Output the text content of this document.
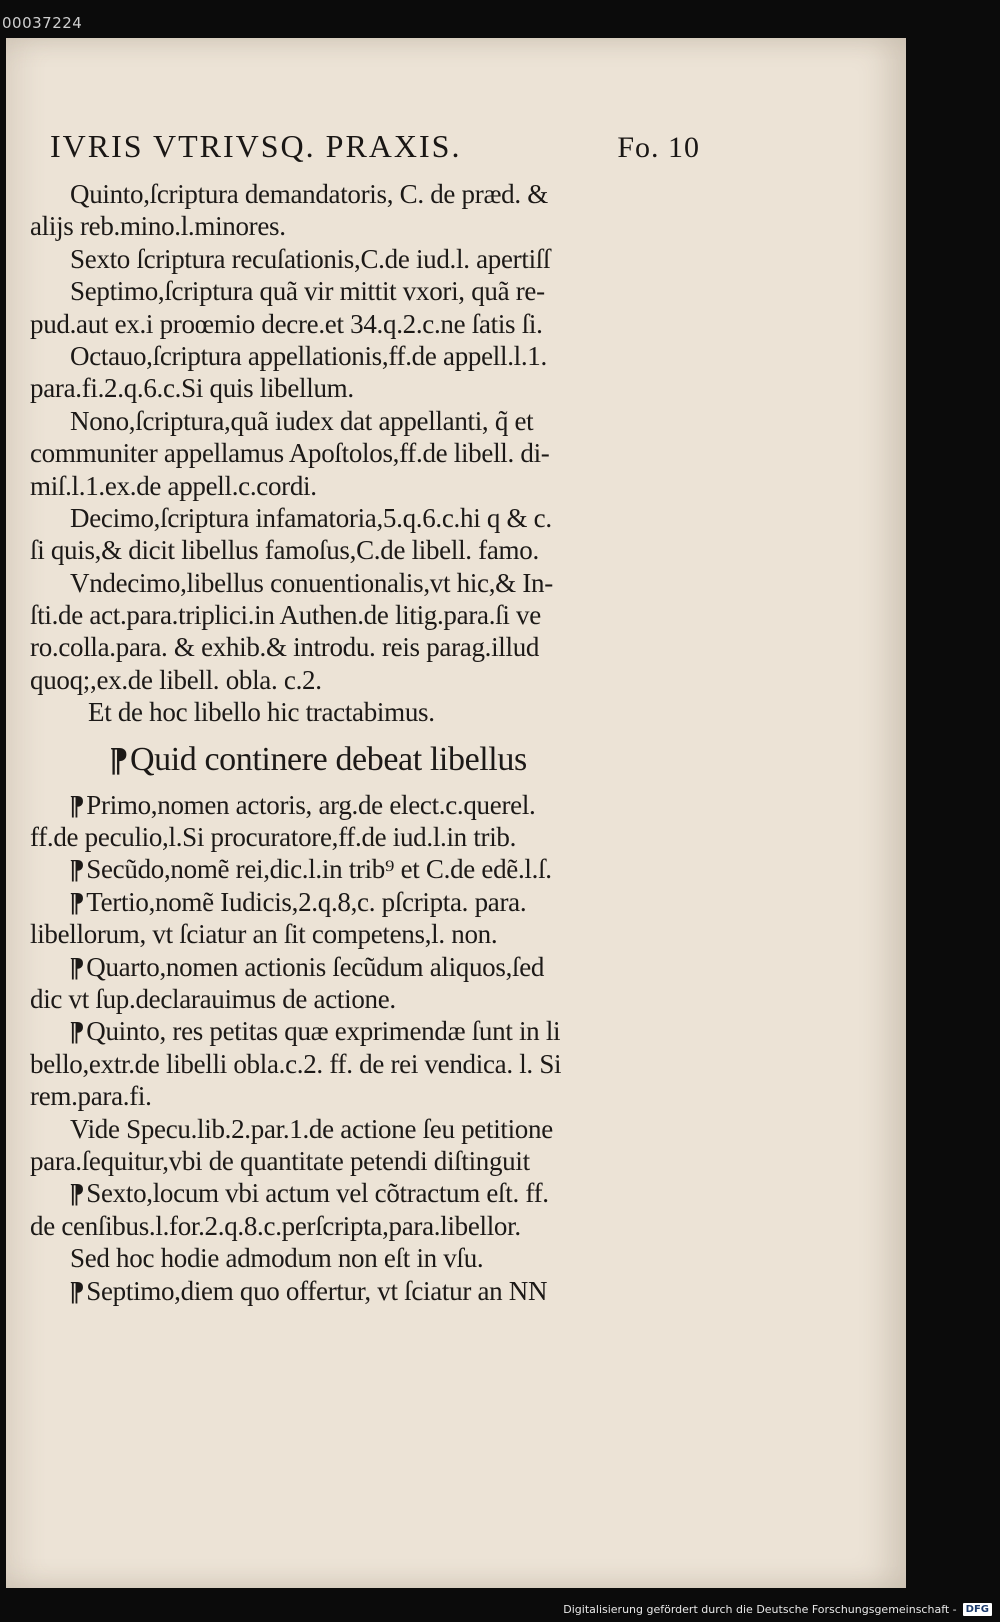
00037224
IVRIS VTRIVSQ. PRAXIS.	Fo. 10
Quinto,ſcriptura demandatoris, C. de præd. &
alijs reb.mino.l.minores.
Sexto ſcriptura recuſationis,C.de iud.l. apertiſſ
Septimo,ſcriptura quã vir mittit vxori, quã re-
pud.aut ex.i proœmio decre.et 34.q.2.c.ne ſatis ſi.
Octauo,ſcriptura appellationis,ff.de appell.l.1.
para.fi.2.q.6.c.Si quis libellum.
Nono,ſcriptura,quã iudex dat appellanti, q̃ et
communiter appellamus Apoſtolos,ff.de libell. di-
miſ.l.1.ex.de appell.c.cordi.
Decimo,ſcriptura infamatoria,5.q.6.c.hi q & c.
ſi quis,& dicit libellus famoſus,C.de libell. famo.
Vndecimo,libellus conuentionalis,vt hic,& In-
ſti.de act.para.triplici.in Authen.de litig.para.ſi ve
ro.colla.para. & exhib.& introdu. reis parag.illud
quoq;,ex.de libell. obla. c.2.
Et de hoc libello hic tractabimus.
¶Quid continere debeat libellus
¶Primo,nomen actoris, arg.de elect.c.querel.
ff.de peculio,l.Si procuratore,ff.de iud.l.in trib.
¶Secũdo,nomẽ rei,dic.l.in trib⁹ et C.de edẽ.l.ſ.
¶Tertio,nomẽ Iudicis,2.q.8,c. pſcripta. para.
libellorum, vt ſciatur an ſit competens,l. non.
¶Quarto,nomen actionis ſecũdum aliquos,ſed
dic vt ſup.declarauimus de actione.
¶Quinto, res petitas quæ exprimendæ ſunt in li
bello,extr.de libelli obla.c.2. ff. de rei vendica. l. Si
rem.para.fi.
Vide Specu.lib.2.par.1.de actione ſeu petitione
para.ſequitur,vbi de quantitate petendi diſtinguit
¶Sexto,locum vbi actum vel cõtractum eſt. ff.
de cenſibus.l.for.2.q.8.c.perſcripta,para.libellor.
Sed hoc hodie admodum non eſt in vſu.
¶Septimo,diem quo offertur, vt ſciatur an NN
Digitalisierung gefördert durch die Deutsche Forschungsgemeinschaft - DFG
